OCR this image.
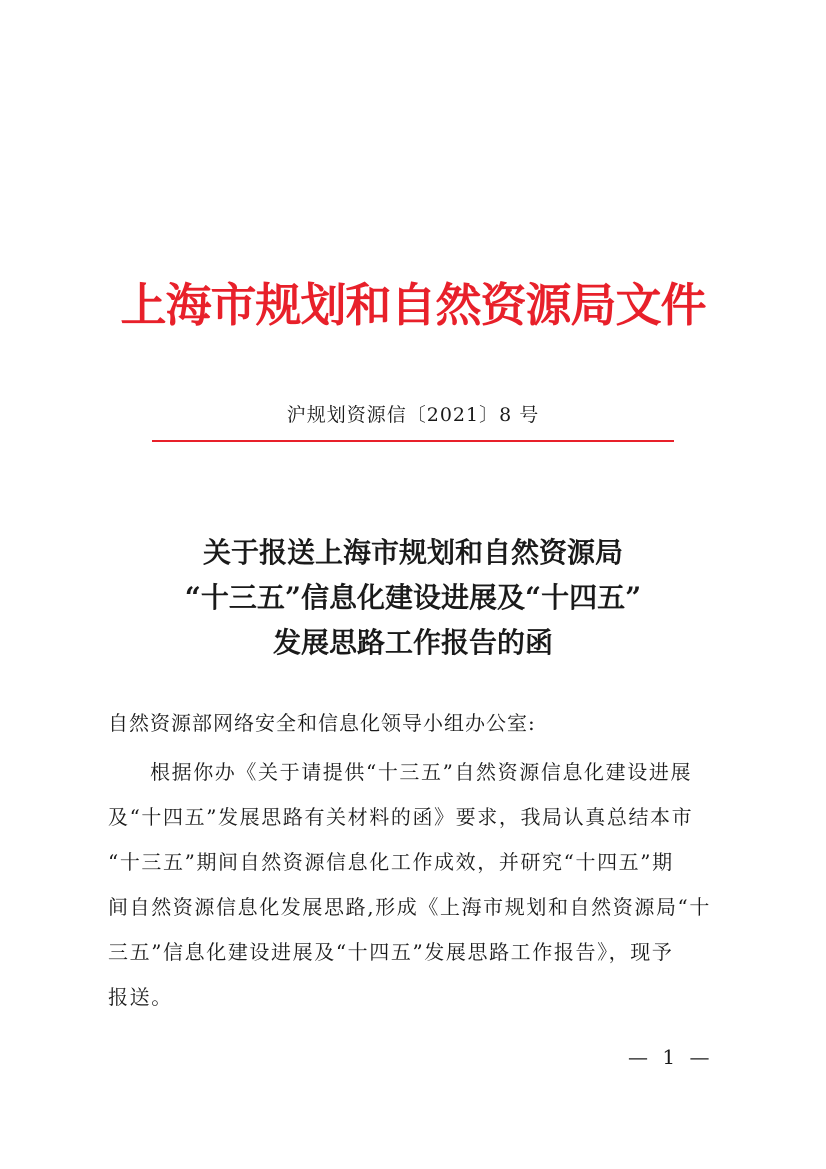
上海市规划和自然资源局文件
沪规划资源信〔2021〕8 号
关于报送上海市规划和自然资源局
“十三五”信息化建设进展及“十四五”
发展思路工作报告的函
自然资源部网络安全和信息化领导小组办公室:
根据你办《关于请提供“十三五”自然资源信息化建设进展
及“十四五”发展思路有关材料的函》要求，我局认真总结本市
“十三五”期间自然资源信息化工作成效，并研究“十四五”期
间自然资源信息化发展思路,形成《上海市规划和自然资源局“十
三五”信息化建设进展及“十四五”发展思路工作报告》，现予
报送。
— 1 —
